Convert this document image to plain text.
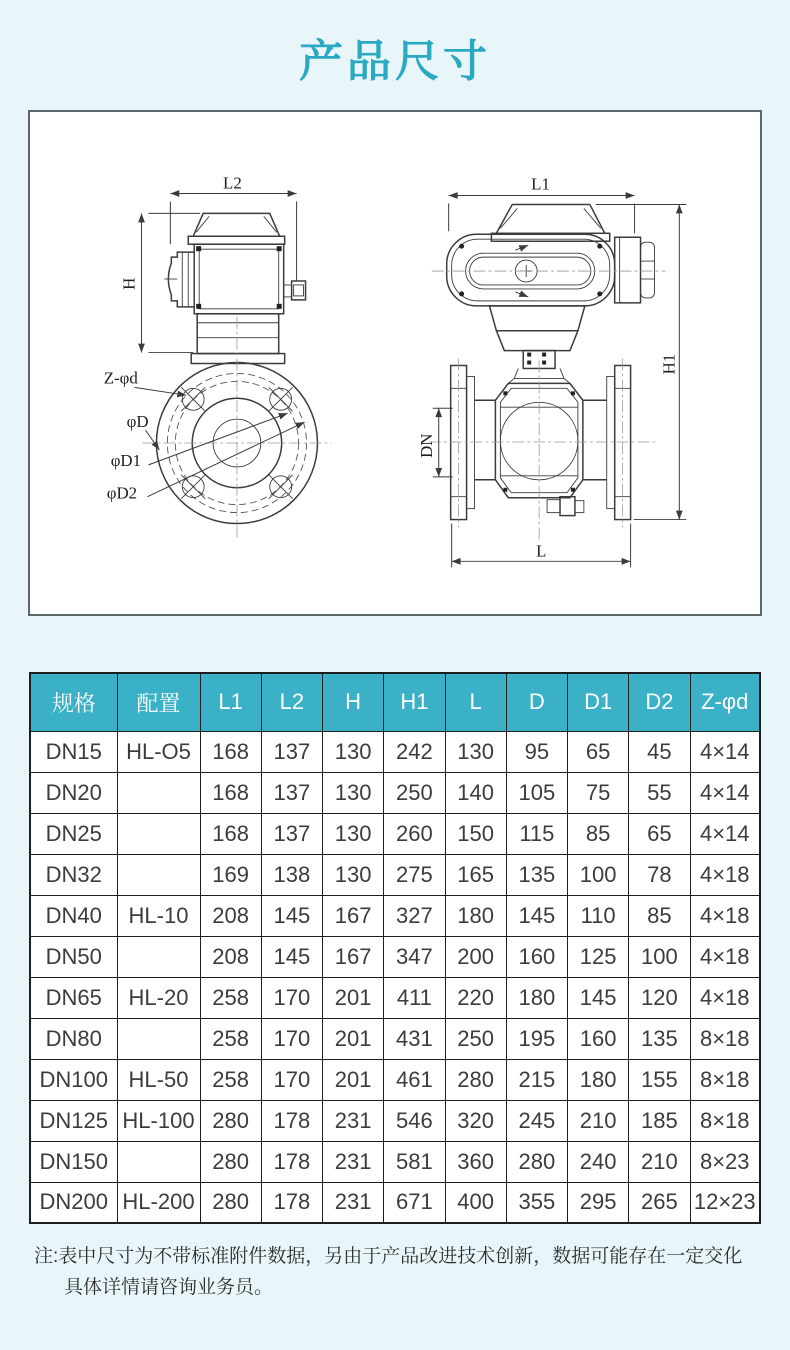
产品尺寸
L2
H
Z-φd
φD
φD1
φD2
L1
H1
DN
L
规格	配置	L1	L2	H	H1	L	D	D1	D2	Z-φd
DN15	HL-O5	168	137	130	242	130	95	65	45	4×14
DN20		168	137	130	250	140	105	75	55	4×14
DN25		168	137	130	260	150	115	85	65	4×14
DN32		169	138	130	275	165	135	100	78	4×18
DN40	HL-10	208	145	167	327	180	145	110	85	4×18
DN50		208	145	167	347	200	160	125	100	4×18
DN65	HL-20	258	170	201	411	220	180	145	120	4×18
DN80		258	170	201	431	250	195	160	135	8×18
DN100	HL-50	258	170	201	461	280	215	180	155	8×18
DN125	HL-100	280	178	231	546	320	245	210	185	8×18
DN150		280	178	231	581	360	280	240	210	8×23
DN200	HL-200	280	178	231	671	400	355	295	265	12×23
注:表中尺寸为不带标准附件数据，另由于产品改进技术创新，数据可能存在一定交化
具体详情请咨询业务员。
